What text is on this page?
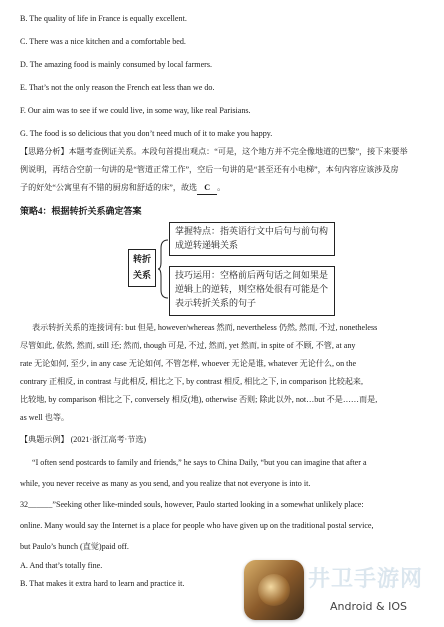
B. The quality of life in France is equally excellent.
C. There was a nice kitchen and a comfortable bed.
D. The amazing food is mainly consumed by local farmers.
E. That’s not the only reason the French eat less than we do.
F. Our aim was to see if we could live, in some way, like real Parisians.
G. The food is so delicious that you don’t need much of it to make you happy.
【思路分析】本题考查例证关系。本段句首提出观点：“可是，这个地方并不完全像地道的巴黎”，接下来要举
例说明，再结合空前一句讲的是“管道正常工作”，空后一句讲的是“甚至还有小电梯”，本句内容应该涉及房
子的好处“公寓里有不错的厨房和舒适的床”，故选 C 。
策略4：根据转折关系确定答案
转折关系
掌握特点：指英语行文中后句与前句构成逆转递辑关系
技巧运用：空格前后两句话之间如果是逆辑上的逆转，则空格处很有可能是个表示转折关系的句子
表示转折关系的连接词有: but 但是, however/whereas 然而, nevertheless 仍然, 然而, 不过, nonetheless
尽管如此, 依然, 然而, still 还; 然而, though 可是, 不过, 然而, yet 然而, in spite of 不顾, 不管, at any
rate 无论如何, 至少, in any case 无论如何, 不管怎样, whoever 无论是谁, whatever 无论什么, on the
contrary 正相反, in contrast 与此相反, 相比之下, by contrast 相反, 相比之下, in comparison 比较起来,
比较地, by comparison 相比之下, conversely 相反(地), otherwise 否则; 除此以外, not…but 不是……而是,
as well 也等。
【典题示例】 (2021·浙江高考·节选)
“I often send postcards to family and friends,” he says to China Daily, “but you can imagine that after a
while, you never receive as many as you send, and you realize that not everyone is into it.
32______”Seeking other like-minded souls, however, Paulo started looking in a somewhat unlikely place:
online. Many would say the Internet is a place for people who have given up on the traditional postal service,
but Paulo’s hunch (直觉)paid off.
A. And that’s totally fine.
B. That makes it extra hard to learn and practice it.	井卫手游网
Android & IOS
